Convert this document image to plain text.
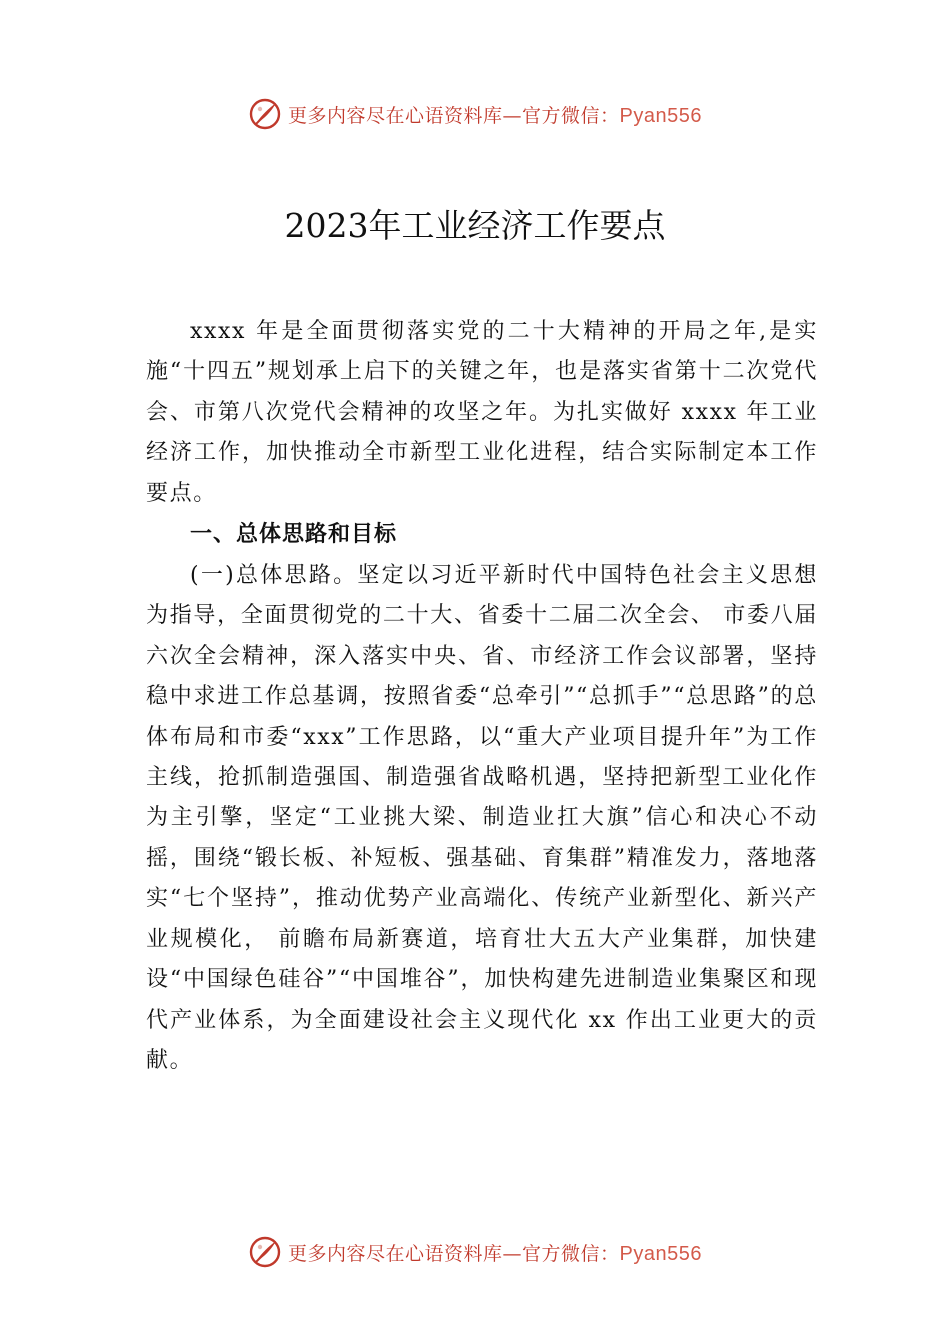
更多内容尽在心语资料库—官方微信：Pyan556
2023年工业经济工作要点

xxxx 年是全面贯彻落实党的二十大精神的开局之年,是实施“十四五”规划承上启下的关键之年，也是落实省第十二次党代会、市第八次党代会精神的攻坚之年。为扎实做好 xxxx 年工业经济工作，加快推动全市新型工业化进程，结合实际制定本工作要点。

一、总体思路和目标

(一)总体思路。坚定以习近平新时代中国特色社会主义思想为指导，全面贯彻党的二十大、省委十二届二次全会、 市委八届六次全会精神，深入落实中央、省、市经济工作会议部署，坚持稳中求进工作总基调，按照省委“总牵引”“总抓手”“总思路”的总体布局和市委“xxx”工作思路，以“重大产业项目提升年”为工作主线，抢抓制造强国、制造强省战略机遇，坚持把新型工业化作为主引擎，坚定“工业挑大梁、制造业扛大旗”信心和决心不动摇，围绕“锻长板、补短板、强基础、育集群”精准发力，落地落实“七个坚持”，推动优势产业高端化、传统产业新型化、新兴产业规模化， 前瞻布局新赛道，培育壮大五大产业集群，加快建设“中国绿色硅谷”“中国堆谷”，加快构建先进制造业集聚区和现代产业体系，为全面建设社会主义现代化 xx 作出工业更大的贡献。

更多内容尽在心语资料库—官方微信：Pyan556
